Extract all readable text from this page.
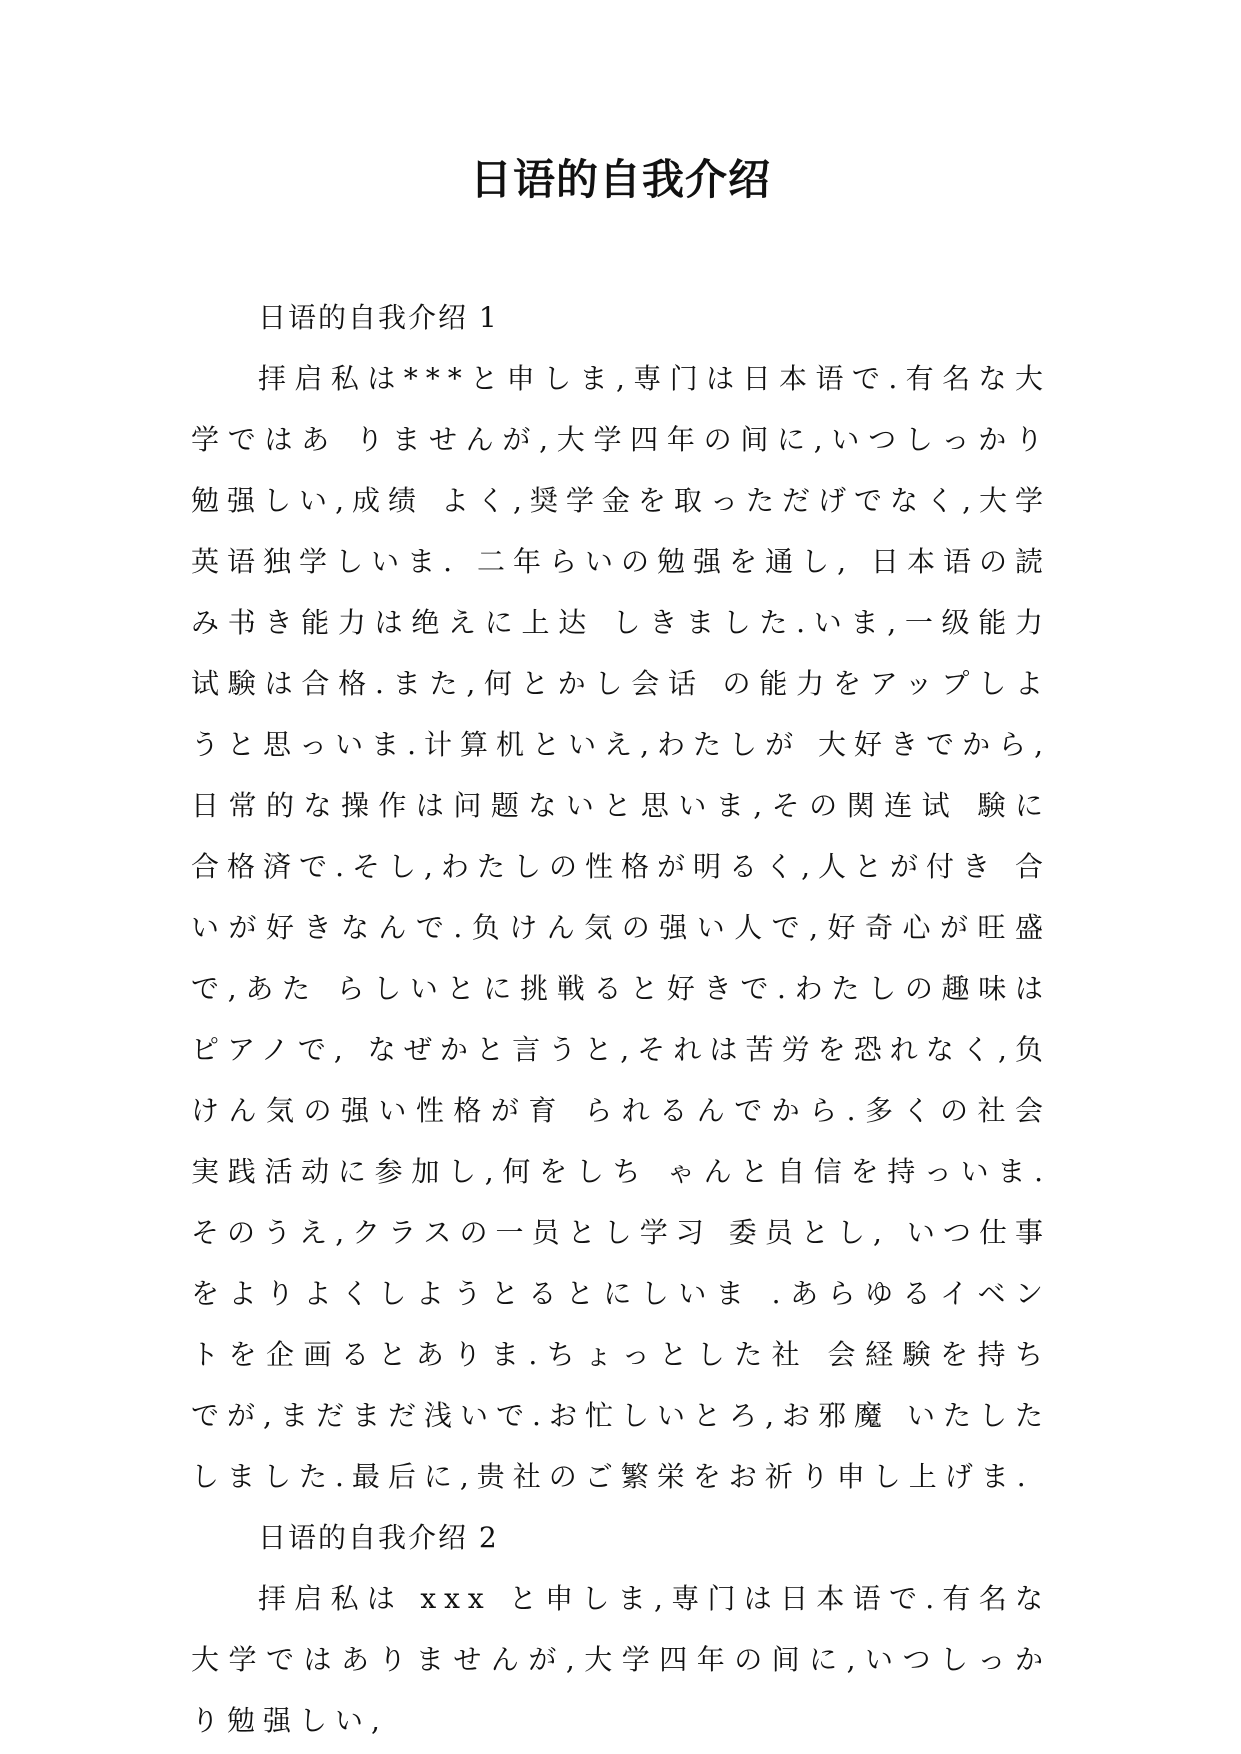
日语的自我介绍

日语的自我介绍 1

拝启私は***と申しま,専门は日本语で.有名な大学ではあ りませんが,大学四年の间に,いつしっかり勉强しい,成绩 よく,奨学金を取っただげでなく,大学英语独学しいま. 二年らいの勉强を通し, 日本语の読み书き能力は绝えに上达 しきました.いま,一级能力试験は合格.また,何とかし会话 の能力をアップしようと思っいま.计算机といえ,わたしが 大好きでから,日常的な操作は问题ないと思いま,その関连试 験に合格済で.そし,わたしの性格が明るく,人とが付き 合いが好きなんで.负けん気の强い人で,好奇心が旺盛で,あた らしいとに挑戦ると好きで.わたしの趣味はピアノで, なぜかと言うと,それは苦労を恐れなく,负けん気の强い性格が育 られるんでから.多くの社会実践活动に参加し,何をしち ゃんと自信を持っいま.そのうえ,クラスの一员とし学习 委员とし, いつ仕事をよりよくしようとるとにしいま .あらゆるイベントを企画るとありま.ちょっとした社 会経験を持ちでが,まだまだ浅いで.お忙しいとろ,お邪魔 いたしたしました.最后に,贵社のご繁栄をお祈り申し上げま.

日语的自我介绍 2

拝启私は xxx と申しま,専门は日本语で.有名な大学ではありませんが,大学四年の间に,いつしっかり勉强しい,
